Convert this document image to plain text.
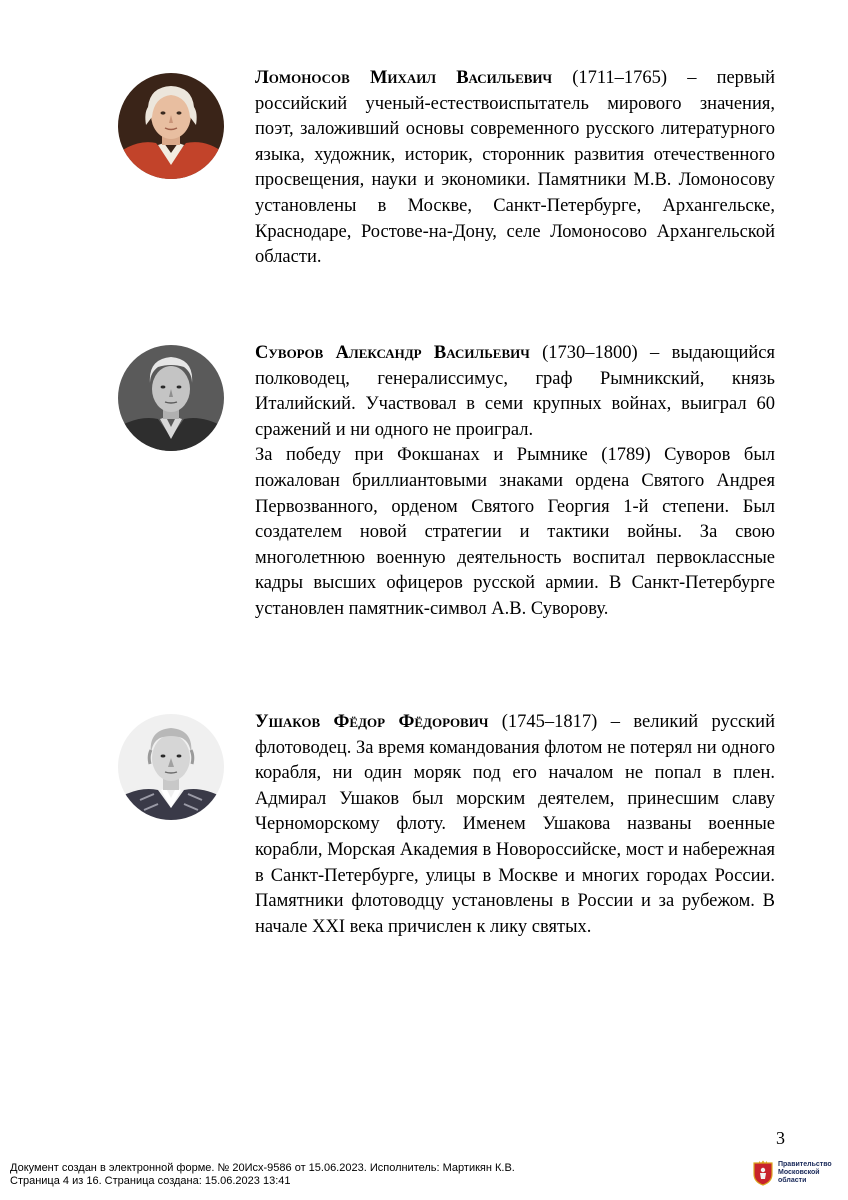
Ломоносов Михаил Васильевич (1711–1765) – первый российский ученый-естествоиспытатель мирового значения, поэт, заложивший основы современного русского литературного языка, художник, историк, сторонник развития отечественного просвещения, науки и экономики. Памятники М.В. Ломоносову установлены в Москве, Санкт-Петербурге, Архангельске, Краснодаре, Ростове-на-Дону, селе Ломоносово Архангельской области.

Суворов Александр Васильевич (1730–1800) – выдающийся полководец, генералиссимус, граф Рымникский, князь Италийский. Участвовал в семи крупных войнах, выиграл 60 сражений и ни одного не проиграл.

За победу при Фокшанах и Рымнике (1789) Суворов был пожалован бриллиантовыми знаками ордена Святого Андрея Первозванного, орденом Святого Георгия 1-й степени. Был создателем новой стратегии и тактики войны. За свою многолетнюю военную деятельность воспитал первоклассные кадры высших офицеров русской армии. В Санкт-Петербурге установлен памятник-символ А.В. Суворову.

Ушаков Фёдор Фёдорович (1745–1817) – великий русский флотоводец. За время командования флотом не потерял ни одного корабля, ни один моряк под его началом не попал в плен. Адмирал Ушаков был морским деятелем, принесшим славу Черноморскому флоту. Именем Ушакова названы военные корабли, Морская Академия в Новороссийске, мост и набережная в Санкт-Петербурге, улицы в Москве и многих городах России. Памятники флотоводцу установлены в России и за рубежом. В начале XXI века причислен к лику святых.

3
Документ создан в электронной форме. № 20Исх-9586 от 15.06.2023. Исполнитель: Мартикян К.В.
Страница 4 из 16. Страница создана: 15.06.2023 13:41
Правительство
Московской области
